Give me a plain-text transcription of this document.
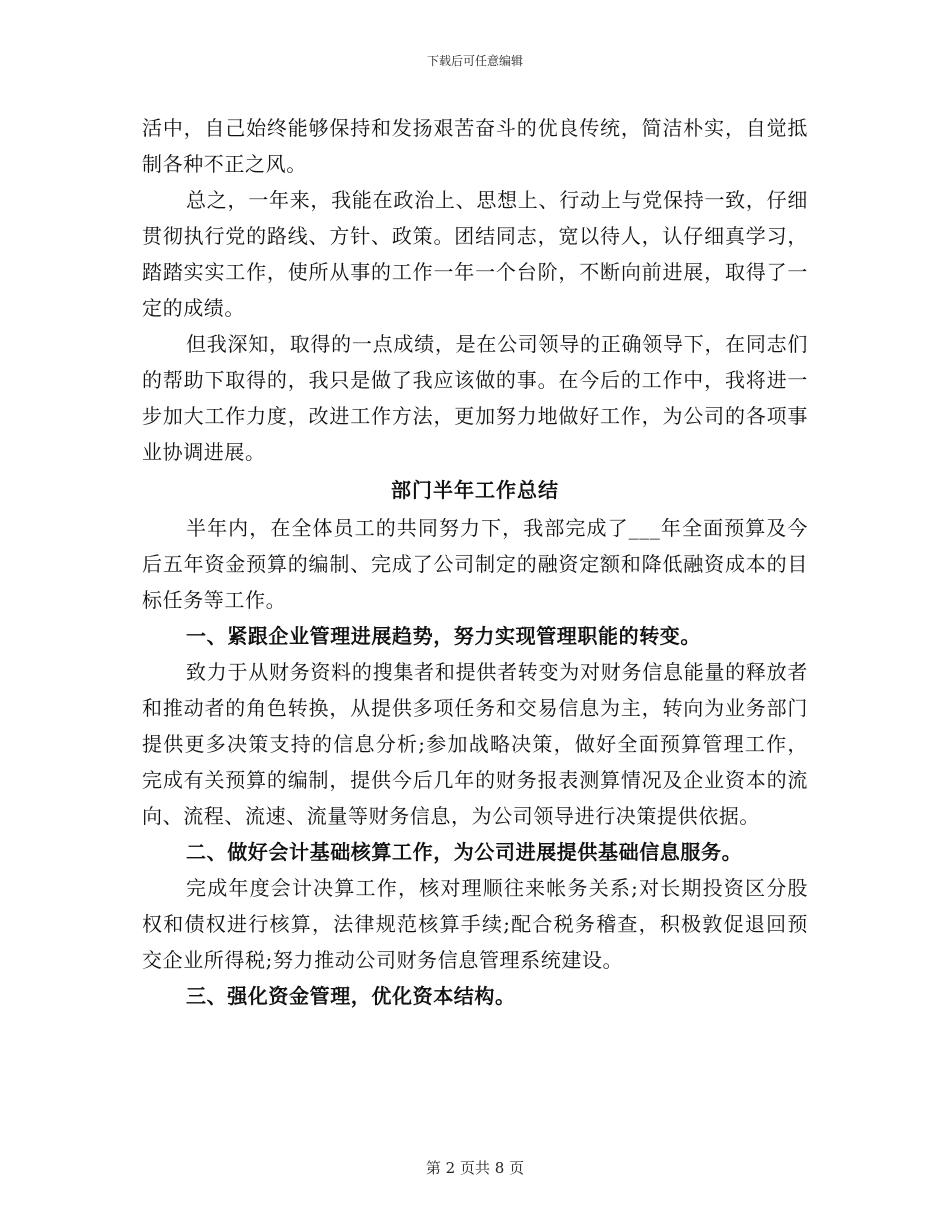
下载后可任意编辑

活中，自己始终能够保持和发扬艰苦奋斗的优良传统，简洁朴实，自觉抵制各种不正之风。

总之，一年来，我能在政治上、思想上、行动上与党保持一致，仔细贯彻执行党的路线、方针、政策。团结同志，宽以待人，认仔细真学习，踏踏实实工作，使所从事的工作一年一个台阶，不断向前进展，取得了一定的成绩。

但我深知，取得的一点成绩，是在公司领导的正确领导下，在同志们的帮助下取得的，我只是做了我应该做的事。在今后的工作中，我将进一步加大工作力度，改进工作方法，更加努力地做好工作，为公司的各项事业协调进展。

部门半年工作总结

半年内，在全体员工的共同努力下，我部完成了___年全面预算及今后五年资金预算的编制、完成了公司制定的融资定额和降低融资成本的目标任务等工作。

一、紧跟企业管理进展趋势，努力实现管理职能的转变。

致力于从财务资料的搜集者和提供者转变为对财务信息能量的释放者和推动者的角色转换，从提供多项任务和交易信息为主，转向为业务部门提供更多决策支持的信息分析;参加战略决策，做好全面预算管理工作，完成有关预算的编制，提供今后几年的财务报表测算情况及企业资本的流向、流程、流速、流量等财务信息，为公司领导进行决策提供依据。

二、做好会计基础核算工作，为公司进展提供基础信息服务。

完成年度会计决算工作，核对理顺往来帐务关系;对长期投资区分股权和债权进行核算，法律规范核算手续;配合税务稽查，积极敦促退回预交企业所得税;努力推动公司财务信息管理系统建设。

三、强化资金管理，优化资本结构。

第 2 页共 8 页
